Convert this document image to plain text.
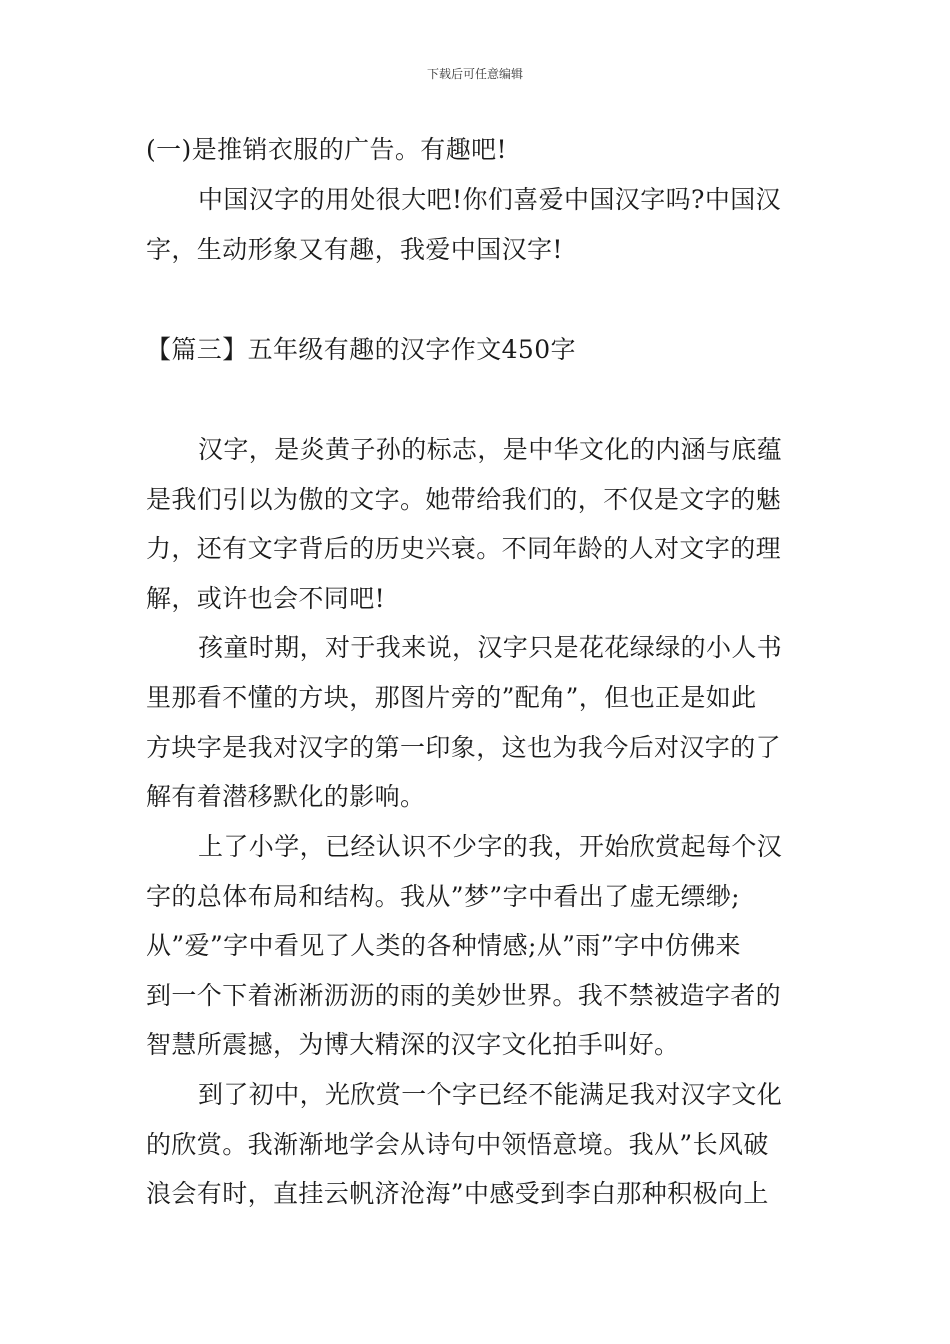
下载后可任意编辑
(一)是推销衣服的广告。有趣吧!
中国汉字的用处很大吧!你们喜爱中国汉字吗?中国汉
字，生动形象又有趣，我爱中国汉字!
【篇三】五年级有趣的汉字作文450字
汉字，是炎黄子孙的标志，是中华文化的内涵与底蕴
是我们引以为傲的文字。她带给我们的，不仅是文字的魅
力，还有文字背后的历史兴衰。不同年龄的人对文字的理
解，或许也会不同吧!
孩童时期，对于我来说，汉字只是花花绿绿的小人书
里那看不懂的方块，那图片旁的”配角”，但也正是如此
方块字是我对汉字的第一印象，这也为我今后对汉字的了
解有着潜移默化的影响。
上了小学，已经认识不少字的我，开始欣赏起每个汉
字的总体布局和结构。我从”梦”字中看出了虚无缥缈;
从”爱”字中看见了人类的各种情感;从”雨”字中仿佛来
到一个下着淅淅沥沥的雨的美妙世界。我不禁被造字者的
智慧所震撼，为博大精深的汉字文化拍手叫好。
到了初中，光欣赏一个字已经不能满足我对汉字文化
的欣赏。我渐渐地学会从诗句中领悟意境。我从”长风破
浪会有时，直挂云帆济沧海”中感受到李白那种积极向上
